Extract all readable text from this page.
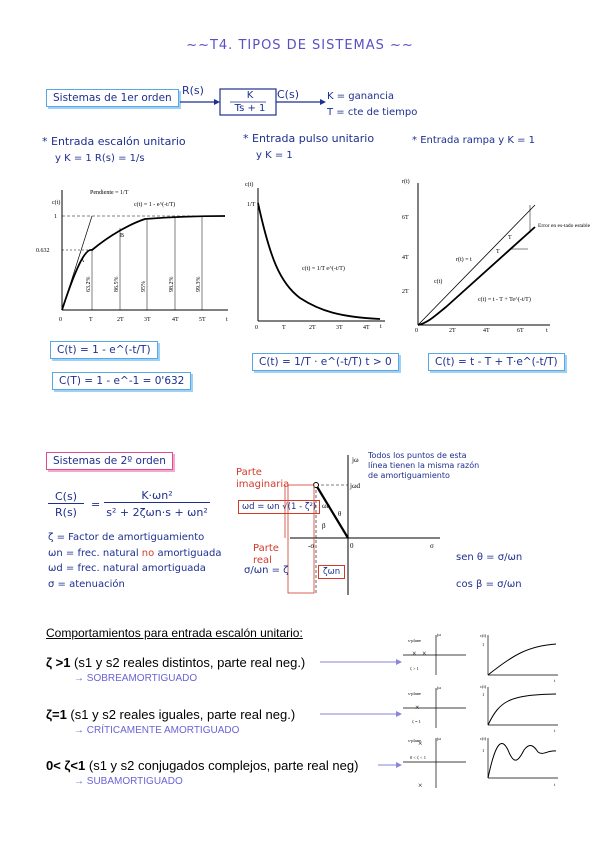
~~T4. TIPOS DE SISTEMAS ~~
Sistemas de 1er orden
R(s)	C(s)
K
Ts + 1
K = ganancia
T = cte de tiempo
* Entrada escalón unitario
y K = 1 R(s) = 1/s
* Entrada pulso unitario
y K = 1
* Entrada rampa y K = 1
c(t)
1
0.632
Pendiente = 1/T
c(t) = 1 - e^(-t/T)
A
B
63.2%	86.5%	95%	98.2%	99.3%
0	T	2T	3T	4T	5T	t
c(t)
1/T
c(t) = 1/T e^(-t/T)
0	T	2T	3T	4T t
r(t)
6T
4T
2T
Error en es-tado estable
T
T
r(t) = t
c(t)
c(t) = t - T + Te^(-t/T)
0	2T	4T	6T	t
C(t) = 1 - e^(-t/T)
C(T) = 1 - e^-1 = 0'632
C(t) = 1/T · e^(-t/T) t > 0	C(t) = t - T + T·e^(-t/T)
Sistemas de 2º orden
C(s)
R(s)
=
K·ωn²
s² + 2ζωn·s + ωn²
ζ = Factor de amortiguamiento
ωn = frec. natural no amortiguada
ωd = frec. natural amortiguada
σ = atenuación
jω
jωd
ωn
θ
β
-σ	0	σ
Parte imaginaria
Parte real
ωd = ωn √(1 - ζ²)
ζωn
σ/ωn = ζ
Todos los puntos de esta línea tienen la misma razón de amortiguamiento
sen θ = σ/ωn
cos β = σ/ωn
Comportamientos para entrada escalón unitario:
ζ >1 (s1 y s2 reales distintos, parte real neg.)
→ SOBREAMORTIGUADO
ζ=1 (s1 y s2 reales iguales, parte real neg.)
→ CRÍTICAMENTE AMORTIGUADO
0< ζ<1 (s1 y s2 conjugados complejos, parte real neg)
→ SUBAMORTIGUADO
× ×
s-plane
jω
ζ > 1
c(t)
1
t
×
s-plane
jω
ζ = 1
c(t)
1
t
×
×
s-plane	jω
0 < ζ < 1
c(t)
1
t
